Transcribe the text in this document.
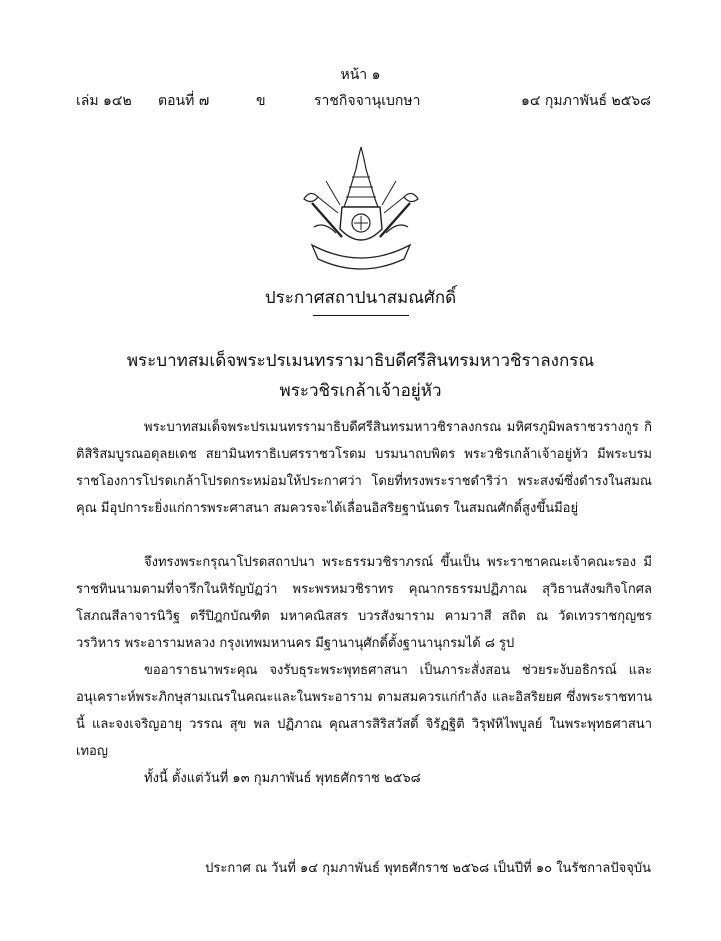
หน้า ๑
เล่ม ๑๔๒ ตอนที่ ๗	ข	ราชกิจจานุเบกษา	๑๔ กุมภาพันธ์ ๒๕๖๘
ประกาศสถาปนาสมณศักดิ์
พระบาทสมเด็จพระปรเมนทรรามาธิบดีศรีสินทรมหาวชิราลงกรณ
พระวชิรเกล้าเจ้าอยู่หัว

พระบาทสมเด็จพระปรเมนทรรามาธิบดีศรีสินทรมหาวชิราลงกรณ มหิศรภูมิพลราชวรางกูร กิติสิริสมบูรณอดุลยเดช สยามินทราธิเบศรราชวโรดม บรมนาถบพิตร พระวชิรเกล้าเจ้าอยู่หัว มีพระบรมราชโองการโปรดเกล้าโปรดกระหม่อมให้ประกาศว่า โดยที่ทรงพระราชดำริว่า พระสงฆ์ซึ่งดำรงในสมณคุณ มีอุปการะยิ่งแก่การพระศาสนา สมควรจะได้เลื่อนอิสริยฐานันดร ในสมณศักดิ์สูงขึ้นมีอยู่

จึงทรงพระกรุณาโปรดสถาปนา พระธรรมวชิราภรณ์ ขึ้นเป็น พระราชาคณะเจ้าคณะรอง มีราชทินนามตามที่จารึกในหิรัญบัฏว่า พระพรหมวชิราทร คุณากรธรรมปฏิภาณ สุวิธานสังฆกิจโกศล โสภณสีลาจารนิวิฐ ตรีปิฎกบัณฑิต มหาคณิสสร บวรสังฆาราม คามวาสี สถิต ณ วัดเทวราชกุญชร วรวิหาร พระอารามหลวง กรุงเทพมหานคร มีฐานานุศักดิ์ตั้งฐานานุกรมได้ ๘ รูป

ขออาราธนาพระคุณ จงรับธุระพระพุทธศาสนา เป็นภาระสั่งสอน ช่วยระงับอธิกรณ์ และอนุเคราะห์พระภิกษุสามเณรในคณะและในพระอาราม ตามสมควรแก่กำลัง และอิสริยยศ ซึ่งพระราชทานนี้ และจงเจริญอายุ วรรณ สุข พล ปฏิภาณ คุณสารสิริสวัสดิ์ จิรัฏฐิติ วิรุฬหิไพบูลย์ ในพระพุทธศาสนาเทอญ

ทั้งนี้ ตั้งแต่วันที่ ๑๓ กุมภาพันธ์ พุทธศักราช ๒๕๖๘

ประกาศ ณ วันที่ ๑๔ กุมภาพันธ์ พุทธศักราช ๒๕๖๘ เป็นปีที่ ๑๐ ในรัชกาลปัจจุบัน
